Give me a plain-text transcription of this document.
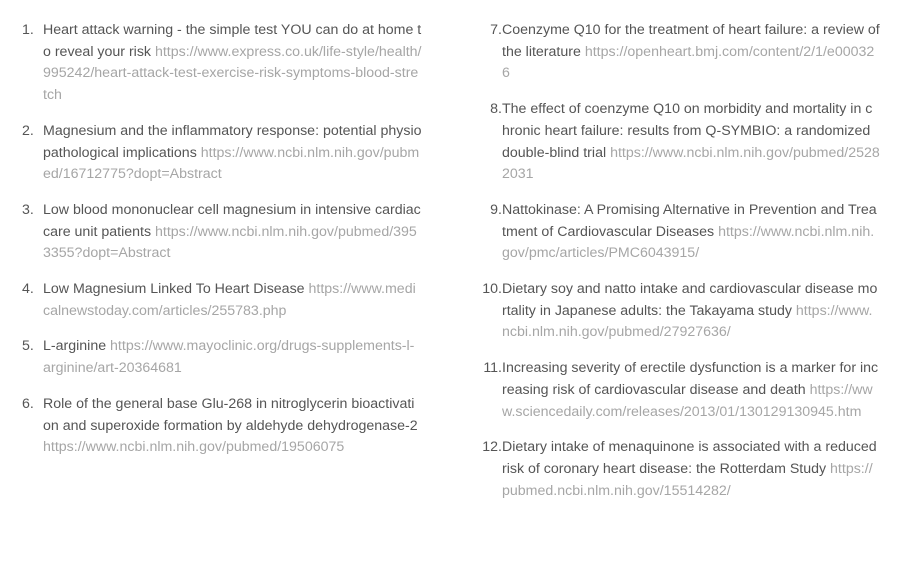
1. Heart attack warning - the simple test YOU can do at home to reveal your risk https://www.express.co.uk/life-style/health/995242/heart-attack-test-exercise-risk-symptoms-blood-stretch
2. Magnesium and the inflammatory response: potential physiopathological implications https://www.ncbi.nlm.nih.gov/pubmed/16712775?dopt=Abstract
3. Low blood mononuclear cell magnesium in intensive cardiac care unit patients https://www.ncbi.nlm.nih.gov/pubmed/3953355?dopt=Abstract
4. Low Magnesium Linked To Heart Disease https://www.medicalnewstoday.com/articles/255783.php
5. L-arginine https://www.mayoclinic.org/drugs-supplements-l-arginine/art-20364681
6. Role of the general base Glu-268 in nitroglycerin bioactivation and superoxide formation by aldehyde dehydrogenase-2 https://www.ncbi.nlm.nih.gov/pubmed/19506075
7. Coenzyme Q10 for the treatment of heart failure: a review of the literature https://openheart.bmj.com/content/2/1/e000326
8. The effect of coenzyme Q10 on morbidity and mortality in chronic heart failure: results from Q-SYMBIO: a randomized double-blind trial https://www.ncbi.nlm.nih.gov/pubmed/25282031
9. Nattokinase: A Promising Alternative in Prevention and Treatment of Cardiovascular Diseases https://www.ncbi.nlm.nih.gov/pmc/articles/PMC6043915/
10. Dietary soy and natto intake and cardiovascular disease mortality in Japanese adults: the Takayama study https://www.ncbi.nlm.nih.gov/pubmed/27927636/
11. Increasing severity of erectile dysfunction is a marker for increasing risk of cardiovascular disease and death https://www.sciencedaily.com/releases/2013/01/130129130945.htm
12. Dietary intake of menaquinone is associated with a reduced risk of coronary heart disease: the Rotterdam Study https://pubmed.ncbi.nlm.nih.gov/15514282/
